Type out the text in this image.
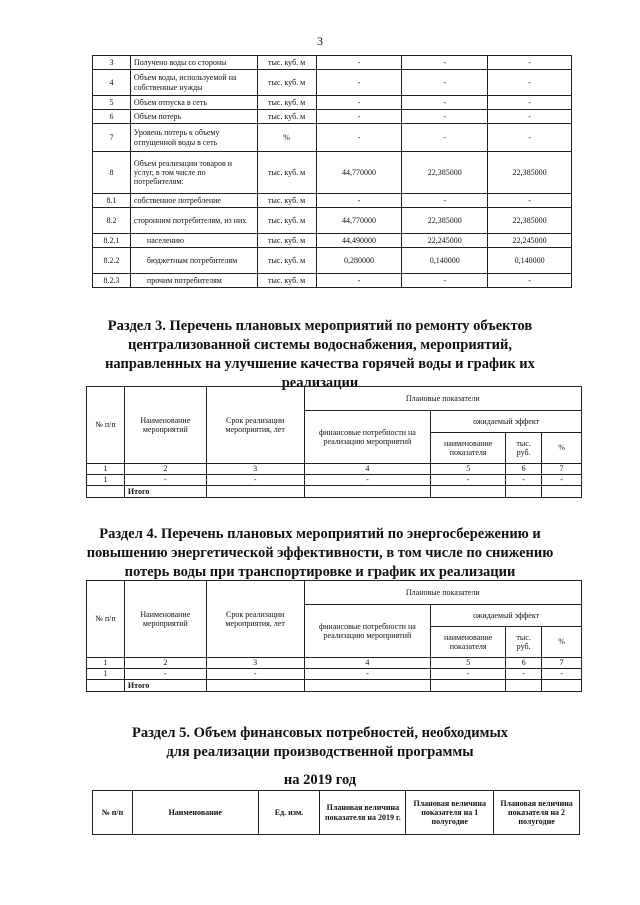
3
3	Получено воды со стороны	тыс. куб. м	-	-	-
4	Объем воды, используемой на собственные нужды	тыс. куб. м	-	-	-
5	Объем отпуска в сеть	тыс. куб. м	-	-	-
6	Объем потерь	тыс. куб. м	-	-	-
7	Уровень потерь к объему отпущенной воды в сеть	%	-	-	-
8	Объем реализации товаров и услуг, в том числе по потребителям:	тыс. куб. м	44,770000	22,385000	22,385000
8.1	собственное потребление	тыс. куб. м	-	-	-
8.2	сторонним потребителям, из них	тыс. куб. м	44,770000	22,385000	22,385000
8.2.1	населению	тыс. куб. м	44,490000	22,245000	22,245000
8.2.2	бюджетным потребителям	тыс. куб. м	0,280000	0,140000	0,140000
8.2.3	прочим потребителям	тыс. куб. м	-	-	-
Раздел 3. Перечень плановых мероприятий по ремонту объектов централизованной системы водоснабжения, мероприятий, направленных на улучшение качества горячей воды и график их реализации
№ п/п	Наименование мероприятий	Срок реализации мероприятия, лет	Плановые показатели			
			финансовые потребности на реализацию мероприятий	ожидаемый эффект		
				наименование показателя	тыс. руб.	%
1	2	3	4	5	6	7
1	-	-	-	-	-	-
	Итого					
Раздел 4. Перечень плановых мероприятий по энергосбережению и повышению энергетической эффективности, в том числе по снижению потерь воды при транспортировке и график их реализации
№ п/п	Наименование мероприятий	Срок реализации мероприятия, лет	Плановые показатели			
			финансовые потребности на реализацию мероприятий	ожидаемый эффект		
				наименование показателя	тыс. руб.	%
1	2	3	4	5	6	7
1	-	-	-	-	-	-
	Итого					
Раздел 5. Объем финансовых потребностей, необходимых для реализации производственной программы
на 2019 год
№ п/п	Наименование	Ед. изм.	Плановая величина показателя на 2019 г.	Плановая величина показателя на 1 полугодие	Плановая величина показателя на 2 полугодие
